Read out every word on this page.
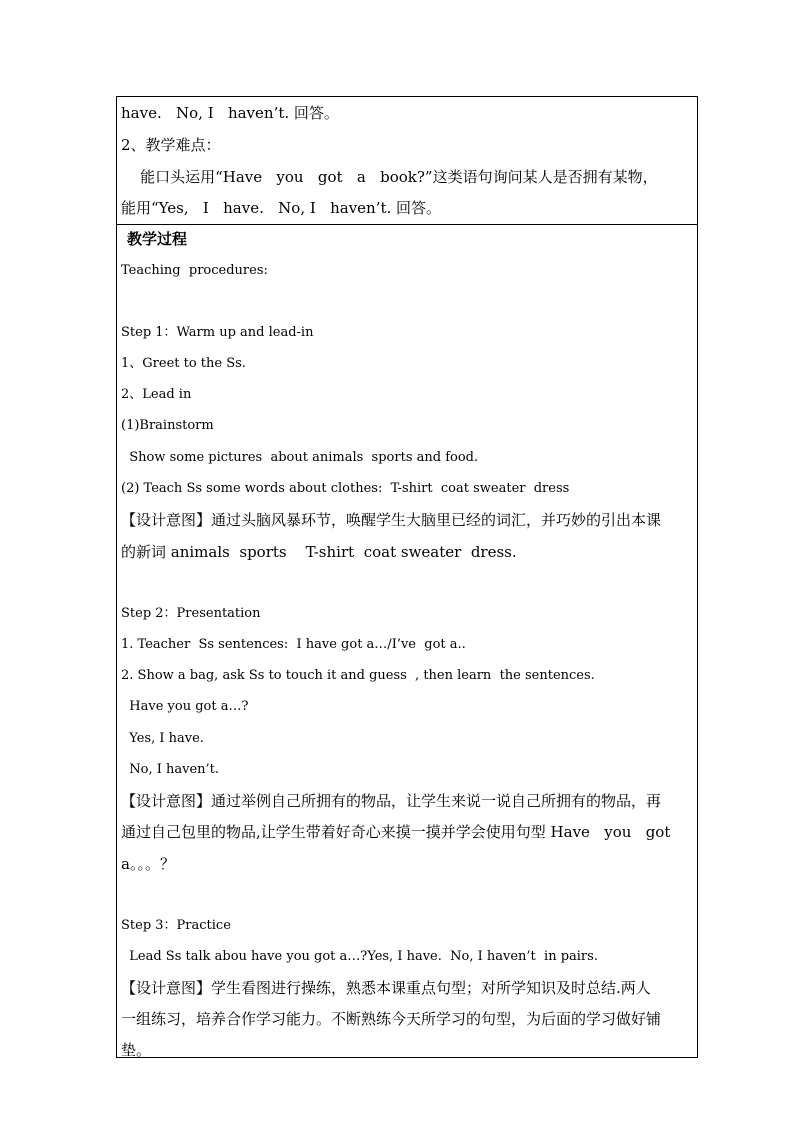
have.   No, I   haven’t. 回答。
2、教学难点：
能口头运用“Have   you   got   a   book?”这类语句询问某人是否拥有某物，
能用“Yes,   I   have.   No, I   haven’t. 回答。
教学过程
Teaching  procedures:
Step 1：Warm up and lead-in
1、Greet to the Ss.
2、Lead in
(1)Brainstorm
Show some pictures  about animals  sports and food.
(2) Teach Ss some words about clothes:  T-shirt  coat sweater  dress
【设计意图】通过头脑风暴环节，唤醒学生大脑里已经的词汇，并巧妙的引出本课
的新词 animals  sports    T-shirt  coat sweater  dress.
Step 2：Presentation
1. Teacher  Ss sentences:  I have got a…/I’ve  got a..
2. Show a bag, ask Ss to touch it and guess  , then learn  the sentences.
Have you got a…?
Yes, I have.
No, I haven’t.
【设计意图】通过举例自己所拥有的物品，让学生来说一说自己所拥有的物品，再
通过自己包里的物品,让学生带着好奇心来摸一摸并学会使用句型 Have   you   got
a。。。？
Step 3：Practice
Lead Ss talk abou have you got a…?Yes, I have.  No, I haven’t  in pairs.
【设计意图】学生看图进行操练，熟悉本课重点句型；对所学知识及时总结.两人
一组练习，培养合作学习能力。不断熟练今天所学习的句型，为后面的学习做好铺
垫。
